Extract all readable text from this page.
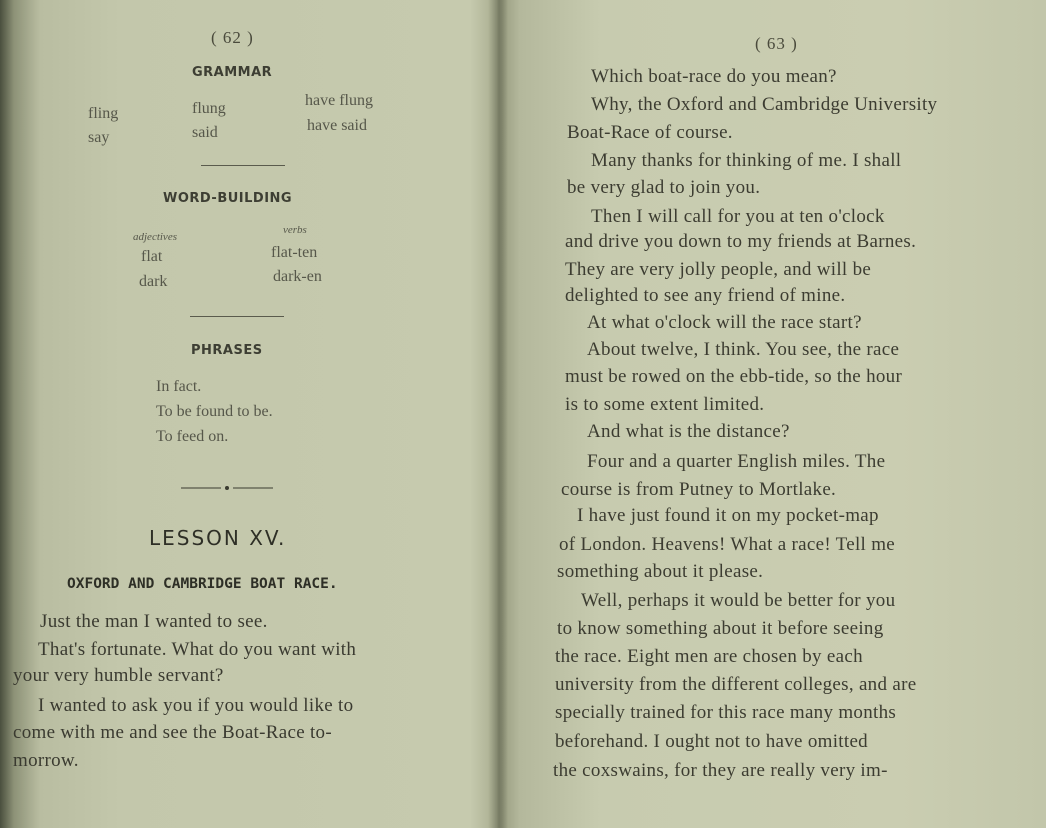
( 62 )
GRAMMAR
fling	flung	have flung
say	said	have said
WORD-BUILDING
adjectives
verbs
flat	flat-ten
dark	dark-en
PHRASES
In fact.
To be found to be.
To feed on.
LESSON XV.
OXFORD AND CAMBRIDGE BOAT RACE.
Just the man I wanted to see.
That's fortunate. What do you want with
your very humble servant?
I wanted to ask you if you would like to
come with me and see the Boat-Race to-
morrow.
( 63 )
Which boat-race do you mean?
Why, the Oxford and Cambridge University
Boat-Race of course.
Many thanks for thinking of me. I shall
be very glad to join you.
Then I will call for you at ten o'clock
and drive you down to my friends at Barnes.
They are very jolly people, and will be
delighted to see any friend of mine.
At what o'clock will the race start?
About twelve, I think. You see, the race
must be rowed on the ebb-tide, so the hour
is to some extent limited.
And what is the distance?
Four and a quarter English miles. The
course is from Putney to Mortlake.
I have just found it on my pocket-map
of London. Heavens! What a race! Tell me
something about it please.
Well, perhaps it would be better for you
to know something about it before seeing
the race. Eight men are chosen by each
university from the different colleges, and are
specially trained for this race many months
beforehand. I ought not to have omitted
the coxswains, for they are really very im-
